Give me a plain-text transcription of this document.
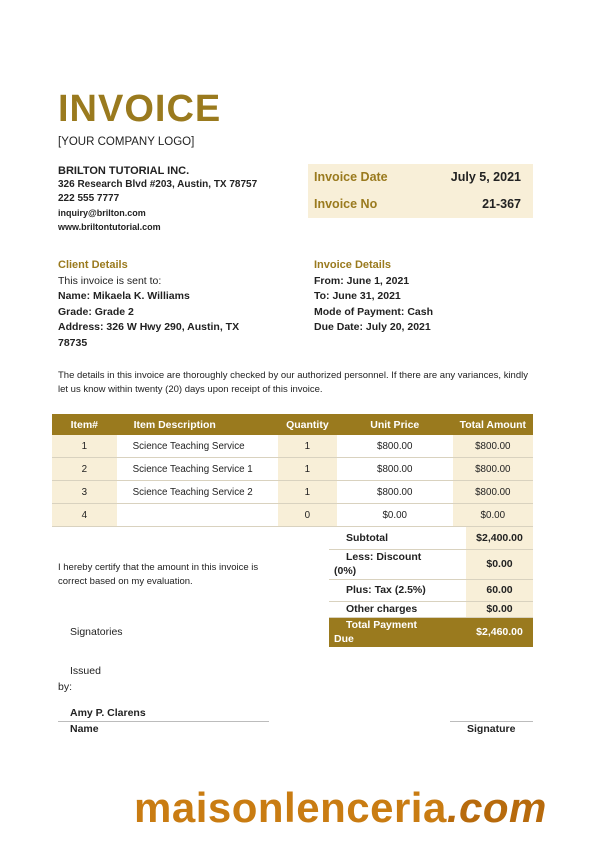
INVOICE
[YOUR COMPANY LOGO]
BRILTON TUTORIAL INC.
326 Research Blvd #203, Austin, TX 78757
222 555 7777
inquiry@brilton.com
www.briltontutorial.com
Invoice Date	July 5, 2021
Invoice No	21-367
Client Details
This invoice is sent to:
Name: Mikaela K. Williams
Grade: Grade 2
Address: 326 W Hwy 290, Austin, TX 78735
Invoice Details
From: June 1, 2021
To: June 31, 2021
Mode of Payment: Cash
Due Date: July 20, 2021
The details in this invoice are thoroughly checked by our authorized personnel. If there are any variances, kindly let us know within twenty (20) days upon receipt of this invoice.
Item#	Item Description	Quantity	Unit Price	Total Amount
1	Science Teaching Service	1	$800.00	$800.00
2	Science Teaching Service 1	1	$800.00	$800.00
3	Science Teaching Service 2	1	$800.00	$800.00
4		0	$0.00	$0.00
Subtotal	$2,400.00

Less: Discount (0%)	$0.00
Plus: Tax (2.5%)	60.00
Other charges	$0.00

Total Payment Due	$2,460.00
I hereby certify that the amount in this invoice is correct based on my evaluation.
Signatories
Issued
by:
Amy P. Clarens
Name	Signature
maisonlenceria.com
